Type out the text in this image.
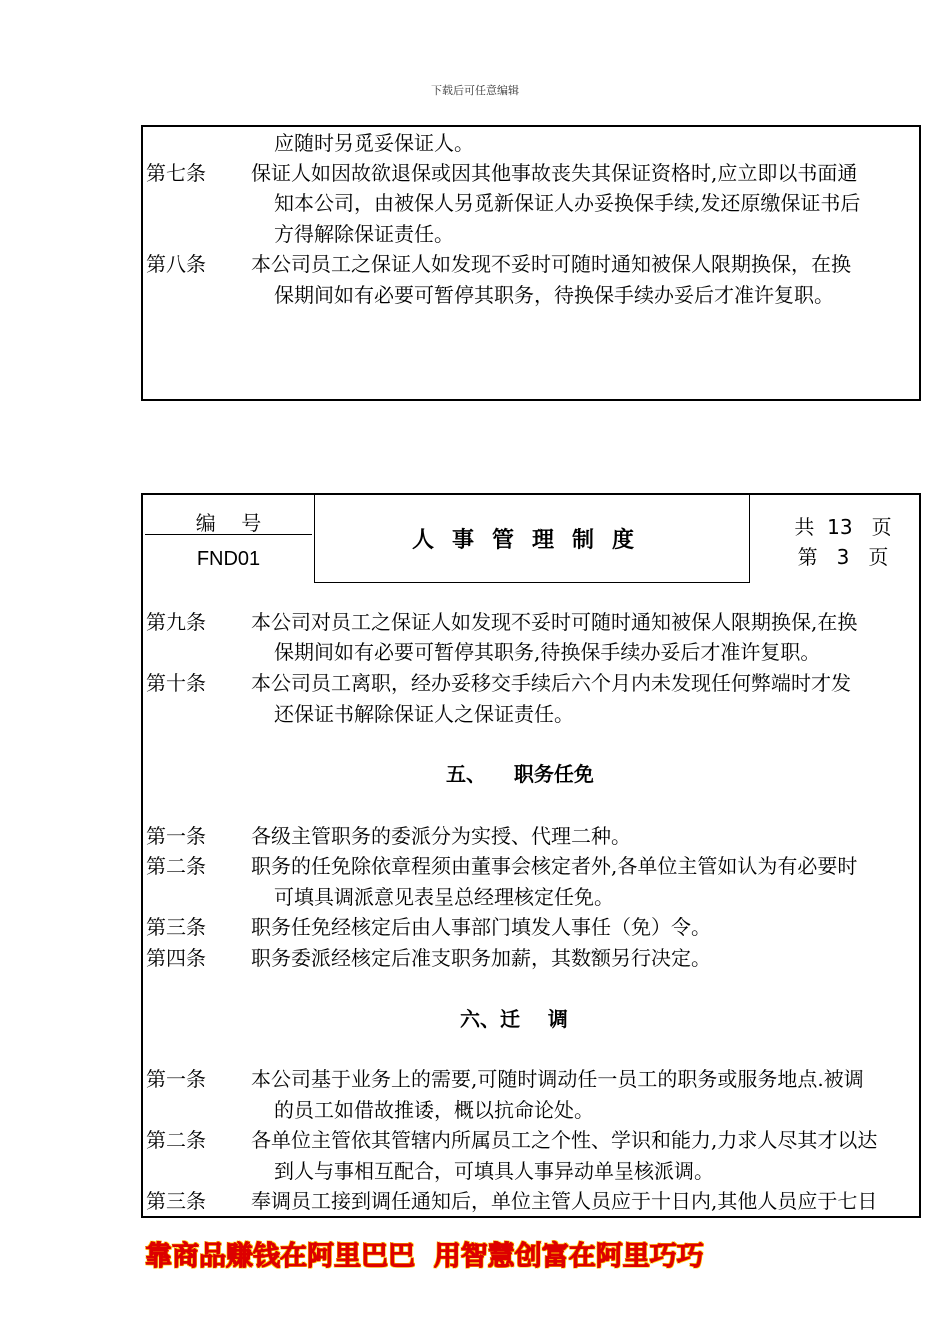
下载后可任意编辑
应随时另觅妥保证人。
第七条 保证人如因故欲退保或因其他事故丧失其保证资格时,应立即以书面通
知本公司，由被保人另觅新保证人办妥换保手续,发还原缴保证书后
方得解除保证责任。
第八条 本公司员工之保证人如发现不妥时可随时通知被保人限期换保，在换
保期间如有必要可暂停其职务，待换保手续办妥后才准许复职。
编    号
FND01
人事管理制度
共  13   页
第   3   页
第九条 本公司对员工之保证人如发现不妥时可随时通知被保人限期换保,在换
保期间如有必要可暂停其职务,待换保手续办妥后才准许复职。
第十条 本公司员工离职，经办妥移交手续后六个月内未发现任何弊端时才发
还保证书解除保证人之保证责任。
五、    职务任免
第一条 各级主管职务的委派分为实授、代理二种。
第二条 职务的任免除依章程须由董事会核定者外,各单位主管如认为有必要时
可填具调派意见表呈总经理核定任免。
第三条 职务任免经核定后由人事部门填发人事任（免）令。
第四条 职务委派经核定后准支职务加薪，其数额另行决定。
六、迁    调
第一条 本公司基于业务上的需要,可随时调动任一员工的职务或服务地点.被调
的员工如借故推诿，概以抗命论处。
第二条 各单位主管依其管辖内所属员工之个性、学识和能力,力求人尽其才以达
到人与事相互配合，可填具人事异动单呈核派调。
第三条 奉调员工接到调任通知后，单位主管人员应于十日内,其他人员应于七日
靠商品赚钱在阿里巴巴  用智慧创富在阿里巧巧
